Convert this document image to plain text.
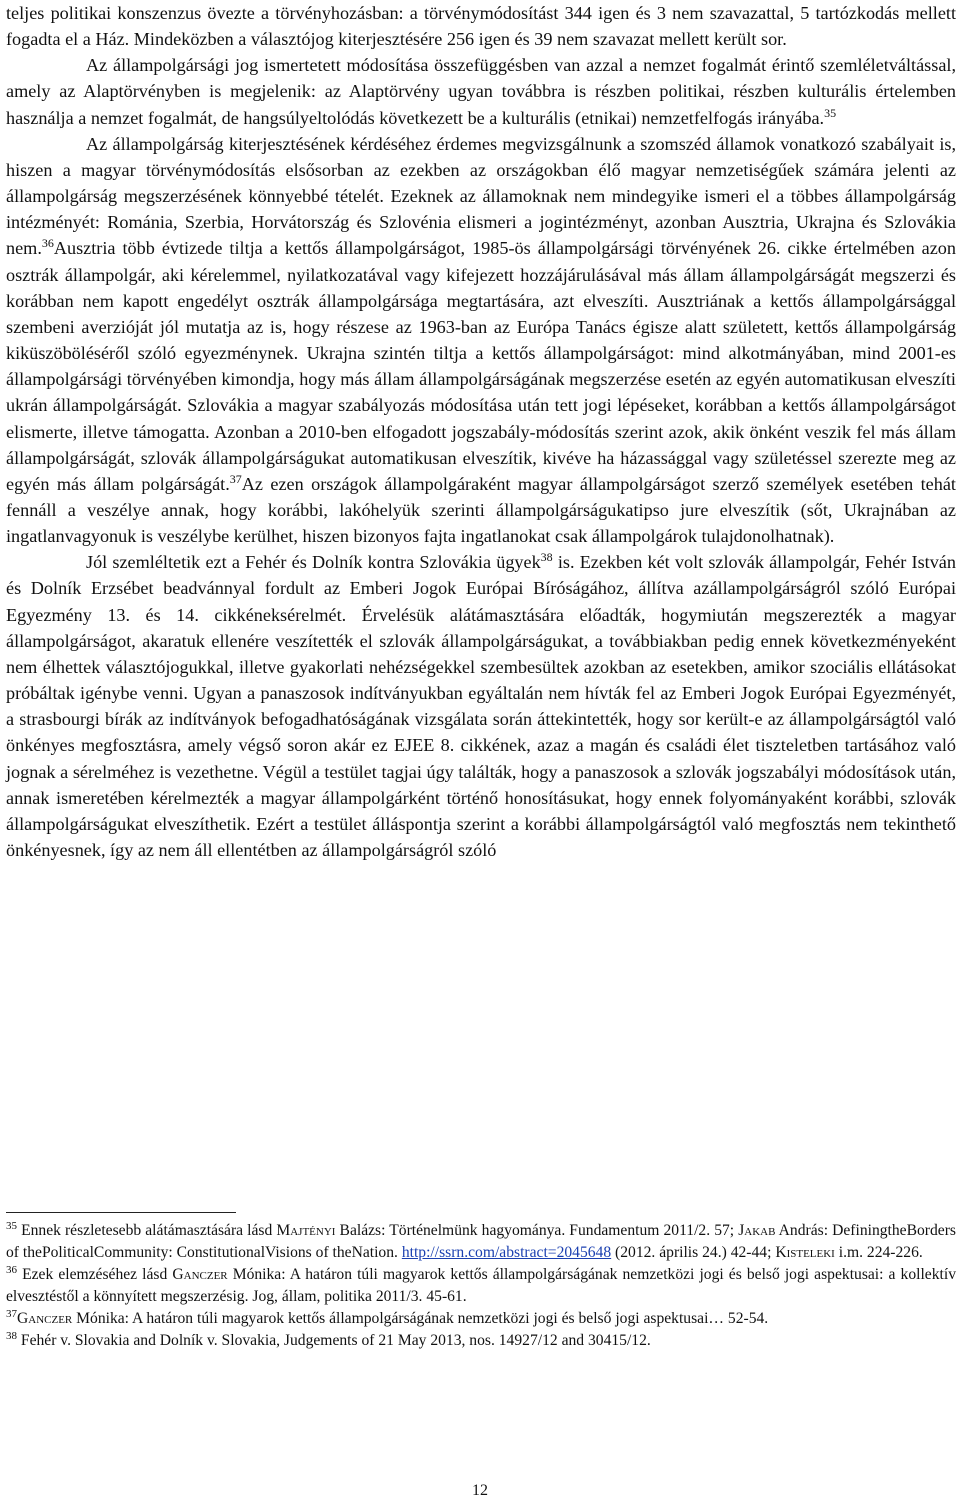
teljes politikai konszenzus övezte a törvényhozásban: a törvénymódosítást 344 igen és 3 nem szavazattal, 5 tartózkodás mellett fogadta el a Ház. Mindeközben a választójog kiterjesztésére 256 igen és 39 nem szavazat mellett került sor.

Az állampolgársági jog ismertetett módosítása összefüggésben van azzal a nemzet fogalmát érintő szemléletváltással, amely az Alaptörvényben is megjelenik: az Alaptörvény ugyan továbbra is részben politikai, részben kulturális értelemben használja a nemzet fogalmát, de hangsúlyeltolódás következett be a kulturális (etnikai) nemzetfelfogás irányába.$^{35}$

Az állampolgárság kiterjesztésének kérdéséhez érdemes megvizsgálnunk a szomszéd államok vonatkozó szabályait is, hiszen a magyar törvénymódosítás elsősorban az ezekben az országokban élő magyar nemzetiségűek számára jelenti az állampolgárság megszerzésének könnyebbé tételét. Ezeknek az államoknak nem mindegyike ismeri el a többes állampolgárság intézményét: Románia, Szerbia, Horvátország és Szlovénia elismeri a jogintézményt, azonban Ausztria, Ukrajna és Szlovákia nem.$^{36}$Ausztria több évtizede tiltja a kettős állampolgárságot, 1985-ös állampolgársági törvényének 26. cikke értelmében azon osztrák állampolgár, aki kérelemmel, nyilatkozatával vagy kifejezett hozzájárulásával más állam állampolgárságát megszerzi és korábban nem kapott engedélyt osztrák állampolgársága megtartására, azt elveszíti. Ausztriának a kettős állampolgársággal szembeni averzióját jól mutatja az is, hogy részese az 1963-ban az Európa Tanács égisze alatt született, kettős állampolgárság kiküszöböléséről szóló egyezménynek. Ukrajna szintén tiltja a kettős állampolgárságot: mind alkotmányában, mind 2001-es állampolgársági törvényében kimondja, hogy más állam állampolgárságának megszerzése esetén az egyén automatikusan elveszíti ukrán állampolgárságát. Szlovákia a magyar szabályozás módosítása után tett jogi lépéseket, korábban a kettős állampolgárságot elismerte, illetve támogatta. Azonban a 2010-ben elfogadott jogszabály-módosítás szerint azok, akik önként veszik fel más állam állampolgárságát, szlovák állampolgárságukat automatikusan elveszítik, kivéve ha házassággal vagy születéssel szerezte meg az egyén más állam polgárságát.$^{37}$Az ezen országok állampolgáraként magyar állampolgárságot szerző személyek esetében tehát fennáll a veszélye annak, hogy korábbi, lakóhelyük szerinti állampolgárságukatipso jure elveszítik (sőt, Ukrajnában az ingatlanvagyonuk is veszélybe kerülhet, hiszen bizonyos fajta ingatlanokat csak állampolgárok tulajdonolhatnak).

Jól szemléltetik ezt a Fehér és Dolník kontra Szlovákia ügyek$^{38}$ is. Ezekben két volt szlovák állampolgár, Fehér István és Dolník Erzsébet beadvánnyal fordult az Emberi Jogok Európai Bíróságához, állítva azállampolgárságról szóló Európai Egyezmény 13. és 14. cikkéneksérelmét. Érvelésük alátámasztására előadták, hogymiután megszerezték a magyar állampolgárságot, akaratuk ellenére veszítették el szlovák állampolgárságukat, a továbbiakban pedig ennek következményeként nem élhettek választójogukkal, illetve gyakorlati nehézségekkel szembesültek azokban az esetekben, amikor szociális ellátásokat próbáltak igénybe venni. Ugyan a panaszosok indítványukban egyáltalán nem hívták fel az Emberi Jogok Európai Egyezményét, a strasbourgi bírák az indítványok befogadhatóságának vizsgálata során áttekintették, hogy sor került-e az állampolgárságtól való önkényes megfosztásra, amely végső soron akár ez EJEE 8. cikkének, azaz a magán és családi élet tiszteletben tartásához való jognak a sérelméhez is vezethetne. Végül a testület tagjai úgy találták, hogy a panaszosok a szlovák jogszabályi módosítások után, annak ismeretében kérelmezték a magyar állampolgárként történő honosításukat, hogy ennek folyományaként korábbi, szlovák állampolgárságukat elveszíthetik. Ezért a testület álláspontja szerint a korábbi állampolgárságtól való megfosztás nem tekinthető önkényesnek, így az nem áll ellentétben az állampolgárságról szóló

$^{35}$ Ennek részletesebb alátámasztására lásd Majtényi Balázs: Történelmünk hagyománya. Fundamentum 2011/2. 57; Jakab András: DefiningtheBorders of thePoliticalCommunity: ConstitutionalVisions of theNation. http://ssrn.com/abstract=2045648 (2012. április 24.) 42-44; Kisteleki i.m. 224-226.

$^{36}$ Ezek elemzéséhez lásd Ganczer Mónika: A határon túli magyarok kettős állampolgárságának nemzetközi jogi és belső jogi aspektusai: a kollektív elvesztéstől a könnyített megszerzésig. Jog, állam, politika 2011/3. 45-61.

$^{37}$Ganczer Mónika: A határon túli magyarok kettős állampolgárságának nemzetközi jogi és belső jogi aspektusai… 52-54.

$^{38}$ Fehér v. Slovakia and Dolník v. Slovakia, Judgements of 21 May 2013, nos. 14927/12 and 30415/12.

12
